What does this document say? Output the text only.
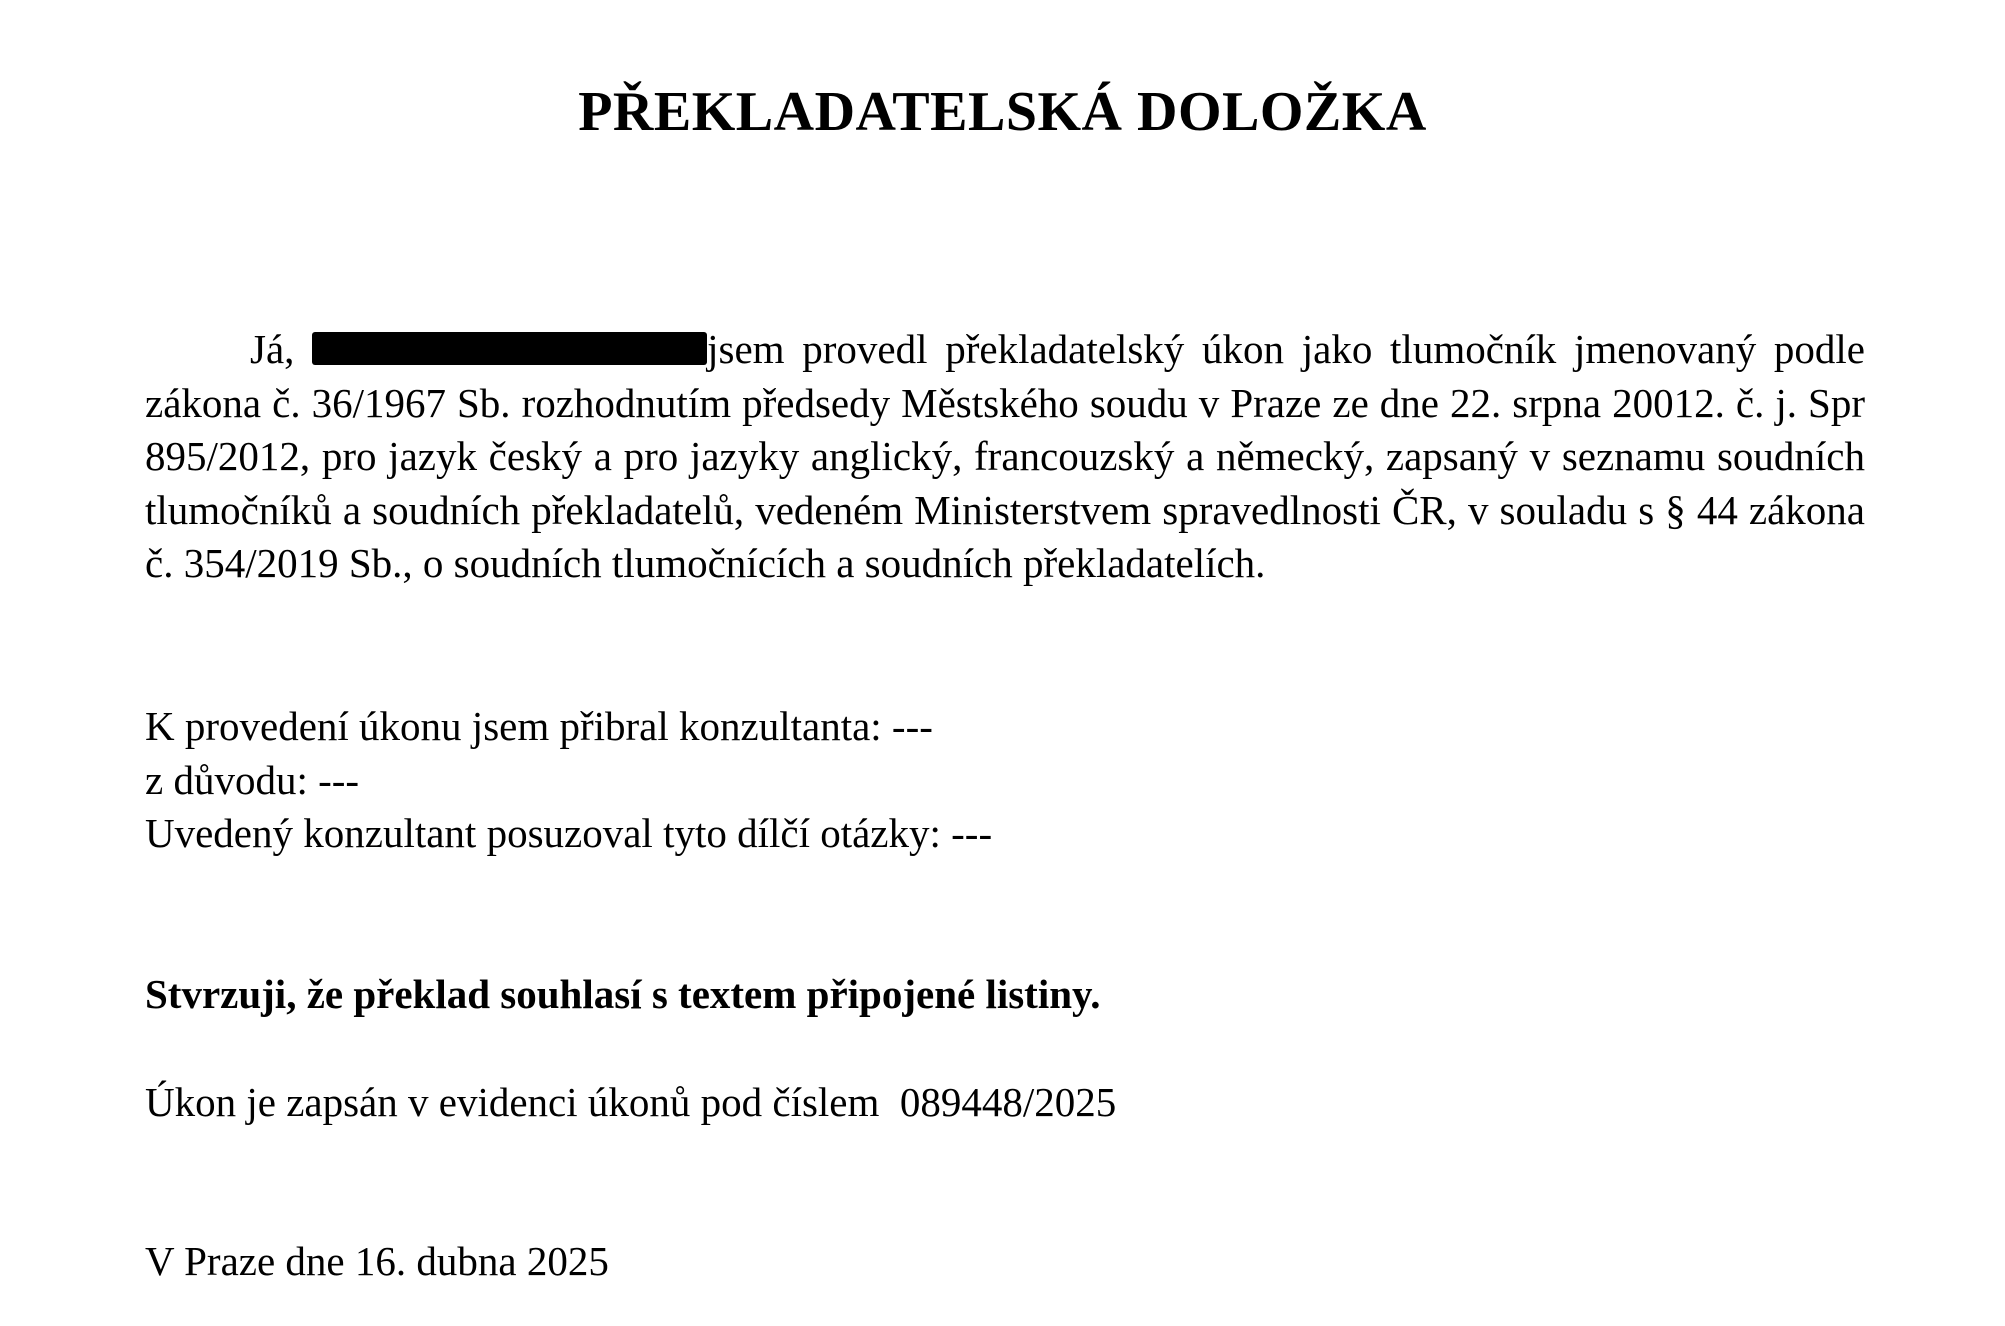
PŘEKLADATELSKÁ DOLOŽKA
Já,	jsem provedl překladatelský úkon jako tlumočník jmenovaný podle zákona č. 36/1967 Sb. rozhodnutím předsedy Městského soudu v Praze ze dne 22. srpna 20012. č. j. Spr 895/2012, pro jazyk český a pro jazyky anglický, francouzský a německý, zapsaný v seznamu soudních tlumočníků a soudních překladatelů, vedeném Ministerstvem spravedlnosti ČR, v souladu s § 44 zákona č. 354/2019 Sb., o soudních tlumočnících a soudních překladatelích.
K provedení úkonu jsem přibral konzultanta: ---
z důvodu: ---
Uvedený konzultant posuzoval tyto dílčí otázky: ---
Stvrzuji, že překlad souhlasí s textem připojené listiny.
Úkon je zapsán v evidenci úkonů pod číslem  089448/2025
V Praze dne 16. dubna 2025
